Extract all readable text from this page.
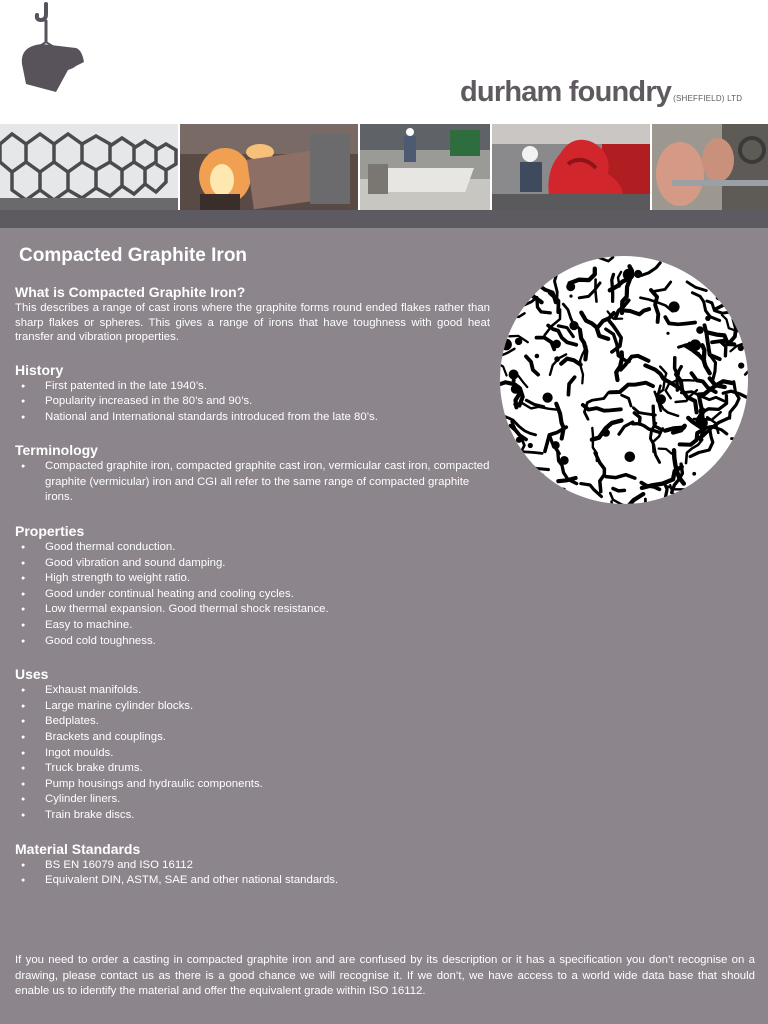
durham foundry (SHEFFIELD) LTD
Compacted Graphite Iron
What is Compacted Graphite Iron?

This describes a range of cast irons where the graphite forms round ended flakes rather than sharp flakes or spheres. This gives a range of irons that have toughness with good heat transfer and vibration properties.

History
● First patented in the late 1940’s.
● Popularity increased in the 80’s and 90’s.
● National and International standards introduced from the late 80’s.
Terminology
● Compacted graphite iron, compacted graphite cast iron, vermicular cast iron, compacted graphite (vermicular) iron and CGI all refer to the same range of compacted graphite irons.
Properties
● Good thermal conduction.
● Good vibration and sound damping.
● High strength to weight ratio.
● Good under continual heating and cooling cycles.
● Low thermal expansion. Good thermal shock resistance.
● Easy to machine.
● Good cold toughness.
Uses
● Exhaust manifolds.
● Large marine cylinder blocks.
● Bedplates.
● Brackets and couplings.
● Ingot moulds.
● Truck brake drums.
● Pump housings and hydraulic components.
● Cylinder liners.
● Train brake discs.
Material Standards
● BS EN 16079 and ISO 16112
● Equivalent DIN, ASTM, SAE and other national standards.

If you need to order a casting in compacted graphite iron and are confused by its description or it has a specification you don’t recognise on a drawing, please contact us as there is a good chance we will recognise it. If we don’t, we have access to a world wide data base that should enable us to identify the material and offer the equivalent grade within ISO 16112.
